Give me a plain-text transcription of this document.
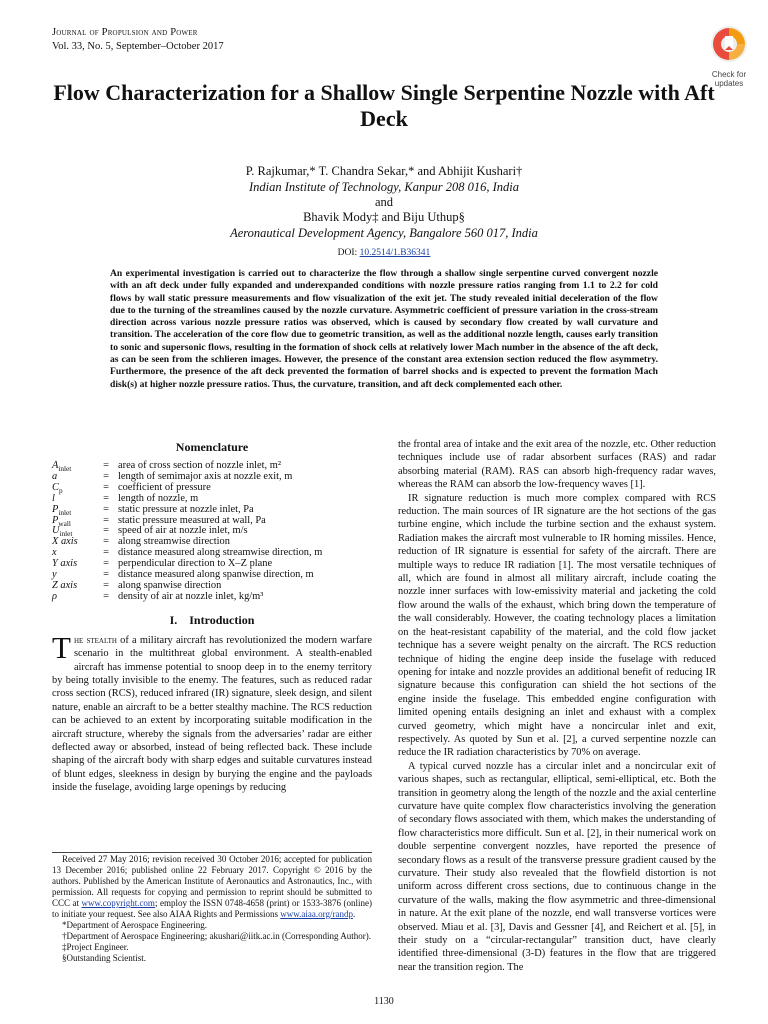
Journal of Propulsion and Power
Vol. 33, No. 5, September–October 2017
Check for updates
Flow Characterization for a Shallow Single Serpentine Nozzle with Aft Deck
P. Rajkumar,* T. Chandra Sekar,* and Abhijit Kushari†
Indian Institute of Technology, Kanpur 208 016, India
and
Bhavik Mody‡ and Biju Uthup§
Aeronautical Development Agency, Bangalore 560 017, India
DOI: 10.2514/1.B36341
An experimental investigation is carried out to characterize the flow through a shallow single serpentine curved convergent nozzle with an aft deck under fully expanded and underexpanded conditions with nozzle pressure ratios ranging from 1.1 to 2.2 for cold flows by wall static pressure measurements and flow visualization of the exit jet. The study revealed initial deceleration of the flow due to the turning of the streamlines caused by the nozzle curvature. Asymmetric coefficient of pressure variation in the cross-stream direction across various nozzle pressure ratios was observed, which is caused by secondary flow created by wall curvature and transition. The acceleration of the core flow due to geometric transition, as well as the additional nozzle length, causes early transition to sonic and supersonic flows, resulting in the formation of shock cells at relatively lower Mach number in the absence of the aft deck, as can be seen from the schlieren images. However, the presence of the constant area extension section reduced the flow asymmetry. Furthermore, the presence of the aft deck prevented the formation of barrel shocks and is expected to prevent the formation Mach disk(s) at higher nozzle pressure ratios. Thus, the curvature, transition, and aft deck complemented each other.
Nomenclature
$A_{inlet}$	=	area of cross section of nozzle inlet, m²
a	=	length of semimajor axis at nozzle exit, m
$C_p$	=	coefficient of pressure
l	=	length of nozzle, m
$P_{inlet}$	=	static pressure at nozzle inlet, Pa
$P_{wall}$	=	static pressure measured at wall, Pa
$U_{inlet}$	=	speed of air at nozzle inlet, m/s
X axis	=	along streamwise direction
x	=	distance measured along streamwise direction, m
Y axis	=	perpendicular direction to X–Z plane
y	=	distance measured along spanwise direction, m
Z axis	=	along spanwise direction
ρ	=	density of air at nozzle inlet, kg/m³
I. Introduction
The stealth of a military aircraft has revolutionized the modern warfare scenario in the multithreat global environment. A stealth-enabled aircraft has immense potential to snoop deep in to the enemy territory by being totally invisible to the enemy. The features, such as reduced radar cross section (RCS), reduced infrared (IR) signature, sleek design, and silent nature, enable an aircraft to be a better stealthy machine. The RCS reduction can be achieved to an extent by incorporating suitable modification in the aircraft structure, whereby the signals from the adversaries’ radar are either deflected away or absorbed, instead of being reflected back. These include shaping of the aircraft body with sharp edges and suitable curvatures instead of blunt edges, sleekness in design by burying the engine and the payloads inside the fuselage, avoiding large openings by reducing

Received 27 May 2016; revision received 30 October 2016; accepted for publication 13 December 2016; published online 22 February 2017. Copyright © 2016 by the authors. Published by the American Institute of Aeronautics and Astronautics, Inc., with permission. All requests for copying and permission to reprint should be submitted to CCC at www.copyright.com; employ the ISSN 0748-4658 (print) or 1533-3876 (online) to initiate your request. See also AIAA Rights and Permissions www.aiaa.org/randp.

*Department of Aerospace Engineering.

†Department of Aerospace Engineering; akushari@iitk.ac.in (Corresponding Author).

‡Project Engineer.

§Outstanding Scientist.

the frontal area of intake and the exit area of the nozzle, etc. Other reduction techniques include use of radar absorbent surfaces (RAS) and radar absorbing material (RAM). RAS can absorb high-frequency radar waves, whereas the RAM can absorb the low-frequency waves [1].

IR signature reduction is much more complex compared with RCS reduction. The main sources of IR signature are the hot sections of the gas turbine engine, which include the turbine section and the exhaust system. Radiation makes the aircraft most vulnerable to IR homing missiles. Hence, reduction of IR signature is essential for safety of the aircraft. There are multiple ways to reduce IR radiation [1]. The most versatile techniques of all, which are found in almost all military aircraft, include coating the nozzle inner surfaces with low-emissivity material and jacketing the cold flow around the walls of the exhaust, which bring down the temperature of the wall considerably. However, the coating technology places a limitation on the heat-resistant capability of the material, and the cold flow jacket technique has a severe weight penalty on the aircraft. The RCS reduction technique of hiding the engine deep inside the fuselage with reduced opening for intake and nozzle provides an additional benefit of reducing IR signature because this configuration can shield the hot sections of the engine inside the fuselage. This embedded engine configuration with limited opening entails designing an inlet and exhaust with a complex curved geometry, which might have a noncircular inlet and exit, respectively. As quoted by Sun et al. [2], a curved serpentine nozzle can reduce the IR radiation characteristics by 70% on average.

A typical curved nozzle has a circular inlet and a noncircular exit of various shapes, such as rectangular, elliptical, semi-elliptical, etc. Both the transition in geometry along the length of the nozzle and the axial centerline curvature have quite complex flow characteristics involving the generation of secondary flows associated with them, which makes the understanding of flow characteristics more difficult. Sun et al. [2], in their numerical work on double serpentine convergent nozzles, have reported the presence of secondary flows as a result of the transverse pressure gradient caused by the curvature. Their study also revealed that the flowfield distortion is not uniform across different cross sections, due to continuous change in the curvature of the walls, making the flow asymmetric and three-dimensional in nature. At the exit plane of the nozzle, end wall transverse vortices were observed. Miau et al. [3], Davis and Gessner [4], and Reichert et al. [5], in their study on a “circular-rectangular” transition duct, have clearly identified three-dimensional (3-D) features in the flow that are triggered near the transition region. The

1130
